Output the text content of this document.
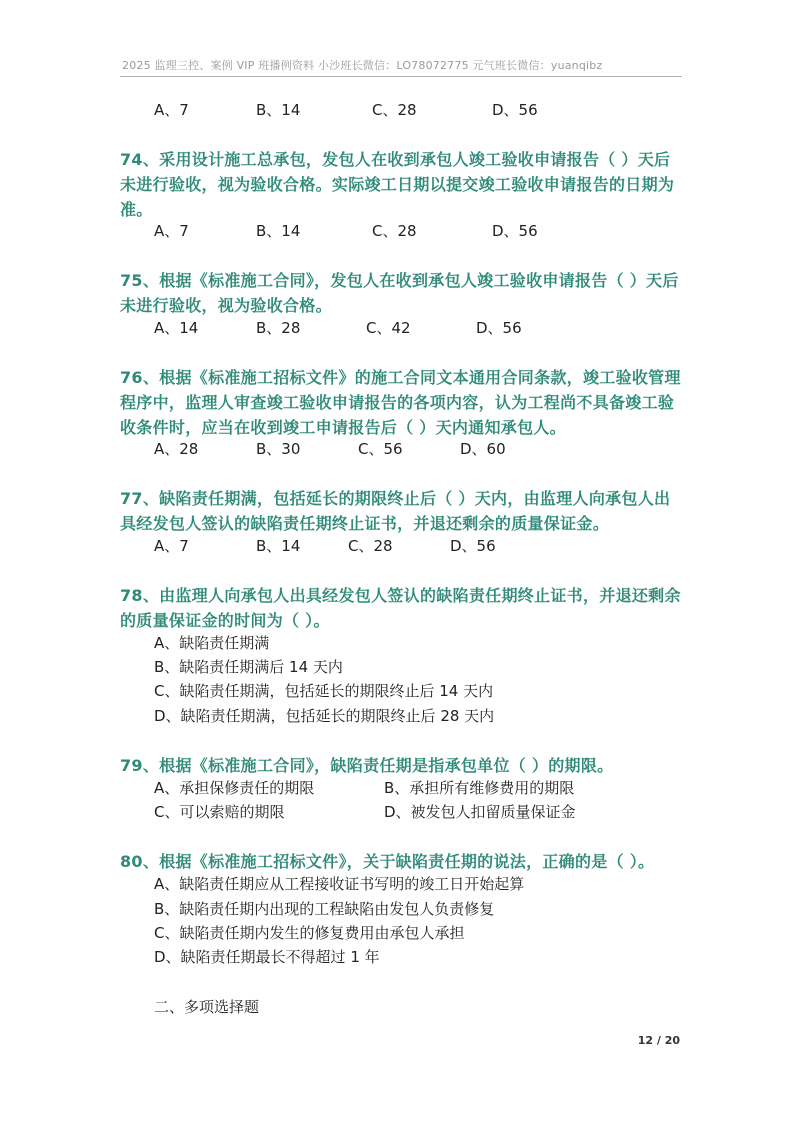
2025 监理三控、案例 VIP 班播例资料 小沙班长微信：LO78072775 元气班长微信：yuanqibz
A、7	B、14	C、28	D、56
74、采用设计施工总承包，发包人在收到承包人竣工验收申请报告（ ）天后未进行验收，视为验收合格。实际竣工日期以提交竣工验收申请报告的日期为准。
A、7	B、14	C、28	D、56
75、根据《标准施工合同》，发包人在收到承包人竣工验收申请报告（ ）天后未进行验收，视为验收合格。
A、14	B、28	C、42	D、56
76、根据《标准施工招标文件》的施工合同文本通用合同条款，竣工验收管理程序中，监理人审查竣工验收申请报告的各项内容，认为工程尚不具备竣工验收条件时，应当在收到竣工申请报告后（ ）天内通知承包人。
A、28	B、30	C、56	D、60
77、缺陷责任期满，包括延长的期限终止后（ ）天内，由监理人向承包人出具经发包人签认的缺陷责任期终止证书，并退还剩余的质量保证金。
A、7	B、14	C、28	D、56
78、由监理人向承包人出具经发包人签认的缺陷责任期终止证书，并退还剩余的质量保证金的时间为（ ）。
A、缺陷责任期满
B、缺陷责任期满后 14 天内
C、缺陷责任期满，包括延长的期限终止后 14 天内
D、缺陷责任期满，包括延长的期限终止后 28 天内
79、根据《标准施工合同》，缺陷责任期是指承包单位（ ）的期限。
A、承担保修责任的期限	B、承担所有维修费用的期限
C、可以索赔的期限	D、被发包人扣留质量保证金
80、根据《标准施工招标文件》，关于缺陷责任期的说法，正确的是（ ）。
A、缺陷责任期应从工程接收证书写明的竣工日开始起算
B、缺陷责任期内出现的工程缺陷由发包人负责修复
C、缺陷责任期内发生的修复费用由承包人承担
D、缺陷责任期最长不得超过 1 年
二、多项选择题
12 / 20
